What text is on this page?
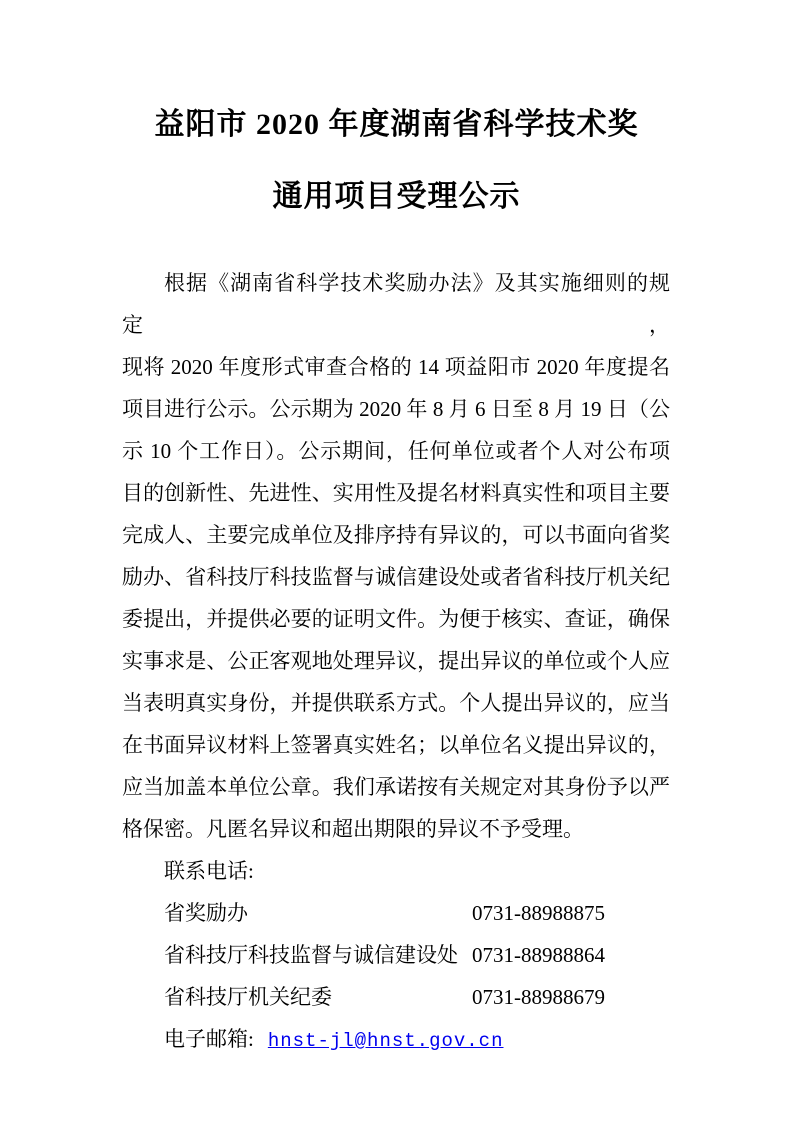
益阳市 2020 年度湖南省科学技术奖
通用项目受理公示
根据《湖南省科学技术奖励办法》及其实施细则的规定，
现将 2020 年度形式审查合格的 14 项益阳市 2020 年度提名
项目进行公示。公示期为 2020 年 8 月 6 日至 8 月 19 日（公
示 10 个工作日）。公示期间，任何单位或者个人对公布项
目的创新性、先进性、实用性及提名材料真实性和项目主要
完成人、主要完成单位及排序持有异议的，可以书面向省奖
励办、省科技厅科技监督与诚信建设处或者省科技厅机关纪
委提出，并提供必要的证明文件。为便于核实、查证，确保
实事求是、公正客观地处理异议，提出异议的单位或个人应
当表明真实身份，并提供联系方式。个人提出异议的，应当
在书面异议材料上签署真实姓名；以单位名义提出异议的，
应当加盖本单位公章。我们承诺按有关规定对其身份予以严
格保密。凡匿名异议和超出期限的异议不予受理。
联系电话:
省奖励办	0731-88988875
省科技厅科技监督与诚信建设处 0731-88988864
省科技厅机关纪委	0731-88988679
电子邮箱: hnst-jl@hnst.gov.cn
